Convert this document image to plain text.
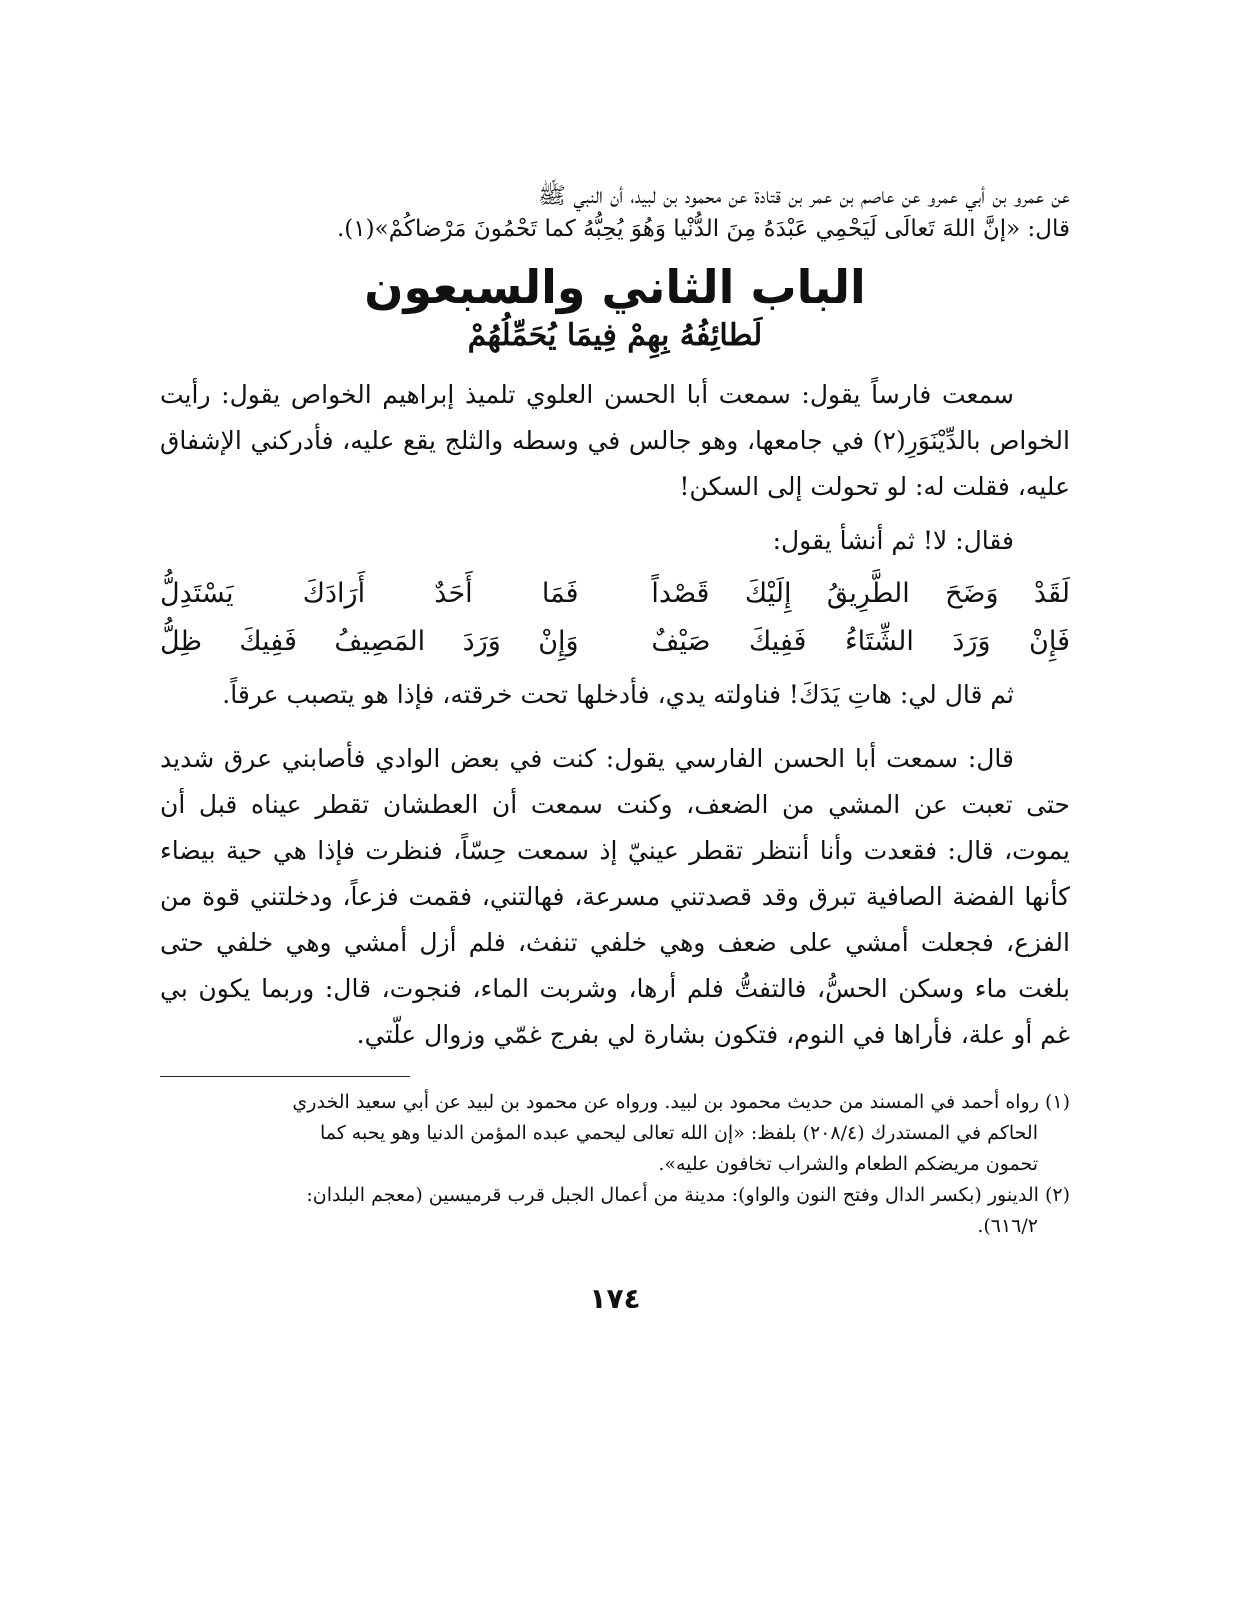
عن عمرو بن أبي عمرو عن عاصم بن عمر بن قتادة عن محمود بن لبيد، أن النبي ﷺ

قال: «إنَّ اللهَ تَعالَى لَيَحْمِي عَبْدَهُ مِنَ الدُّنْيا وَهُوَ يُحِبُّهُ كما تَحْمُونَ مَرْضاكُمْ»(١).

الباب الثاني والسبعون
لَطائِفُهُ بِهِمْ فِيمَا يُحَمِّلُهُمْ

سمعت فارساً يقول: سمعت أبا الحسن العلوي تلميذ إبراهيم الخواص يقول: رأيت الخواص بالدِّيْنَوَرِ(٢) في جامعها، وهو جالس في وسطه والثلج يقع عليه، فأدركني الإشفاق عليه، فقلت له: لو تحولت إلى السكن!

فقال: لا! ثم أنشأ يقول:

لَقَدْ وَضَحَ الطَّرِيقُ إِلَيْكَ قَصْداً
فَمَا أَحَدٌ أَرَادَكَ يَسْتَدِلُّ
فَإِنْ وَرَدَ الشِّتَاءُ فَفِيكَ صَيْفٌ
وَإِنْ وَرَدَ المَصِيفُ فَفِيكَ ظِلُّ

ثم قال لي: هاتِ يَدَكَ! فناولته يدي، فأدخلها تحت خرقته، فإذا هو يتصبب عرقاً.

قال: سمعت أبا الحسن الفارسي يقول: كنت في بعض الوادي فأصابني عرق شديد حتى تعبت عن المشي من الضعف، وكنت سمعت أن العطشان تقطر عيناه قبل أن يموت، قال: فقعدت وأنا أنتظر تقطر عينيّ إذ سمعت حِسّاً، فنظرت فإذا هي حية بيضاء كأنها الفضة الصافية تبرق وقد قصدتني مسرعة، فهالتني، فقمت فزعاً، ودخلتني قوة من الفزع، فجعلت أمشي على ضعف وهي خلفي تنفث، فلم أزل أمشي وهي خلفي حتى بلغت ماء وسكن الحسُّ، فالتفتُّ فلم أرها، وشربت الماء، فنجوت، قال: وربما يكون بي غم أو علة، فأراها في النوم، فتكون بشارة لي بفرج غمّي وزوال علّتي.

(١) رواه أحمد في المسند من حديث محمود بن لبيد. ورواه عن محمود بن لبيد عن أبي سعيد الخدري

الحاكم في المستدرك (٢٠٨/٤) بلفظ: «إن الله تعالى ليحمي عبده المؤمن الدنيا وهو يحبه كما

تحمون مريضكم الطعام والشراب تخافون عليه».

(٢) الدينور (بكسر الدال وفتح النون والواو): مدينة من أعمال الجبل قرب قرميسين (معجم البلدان:

٦١٦/٢).

١٧٤
